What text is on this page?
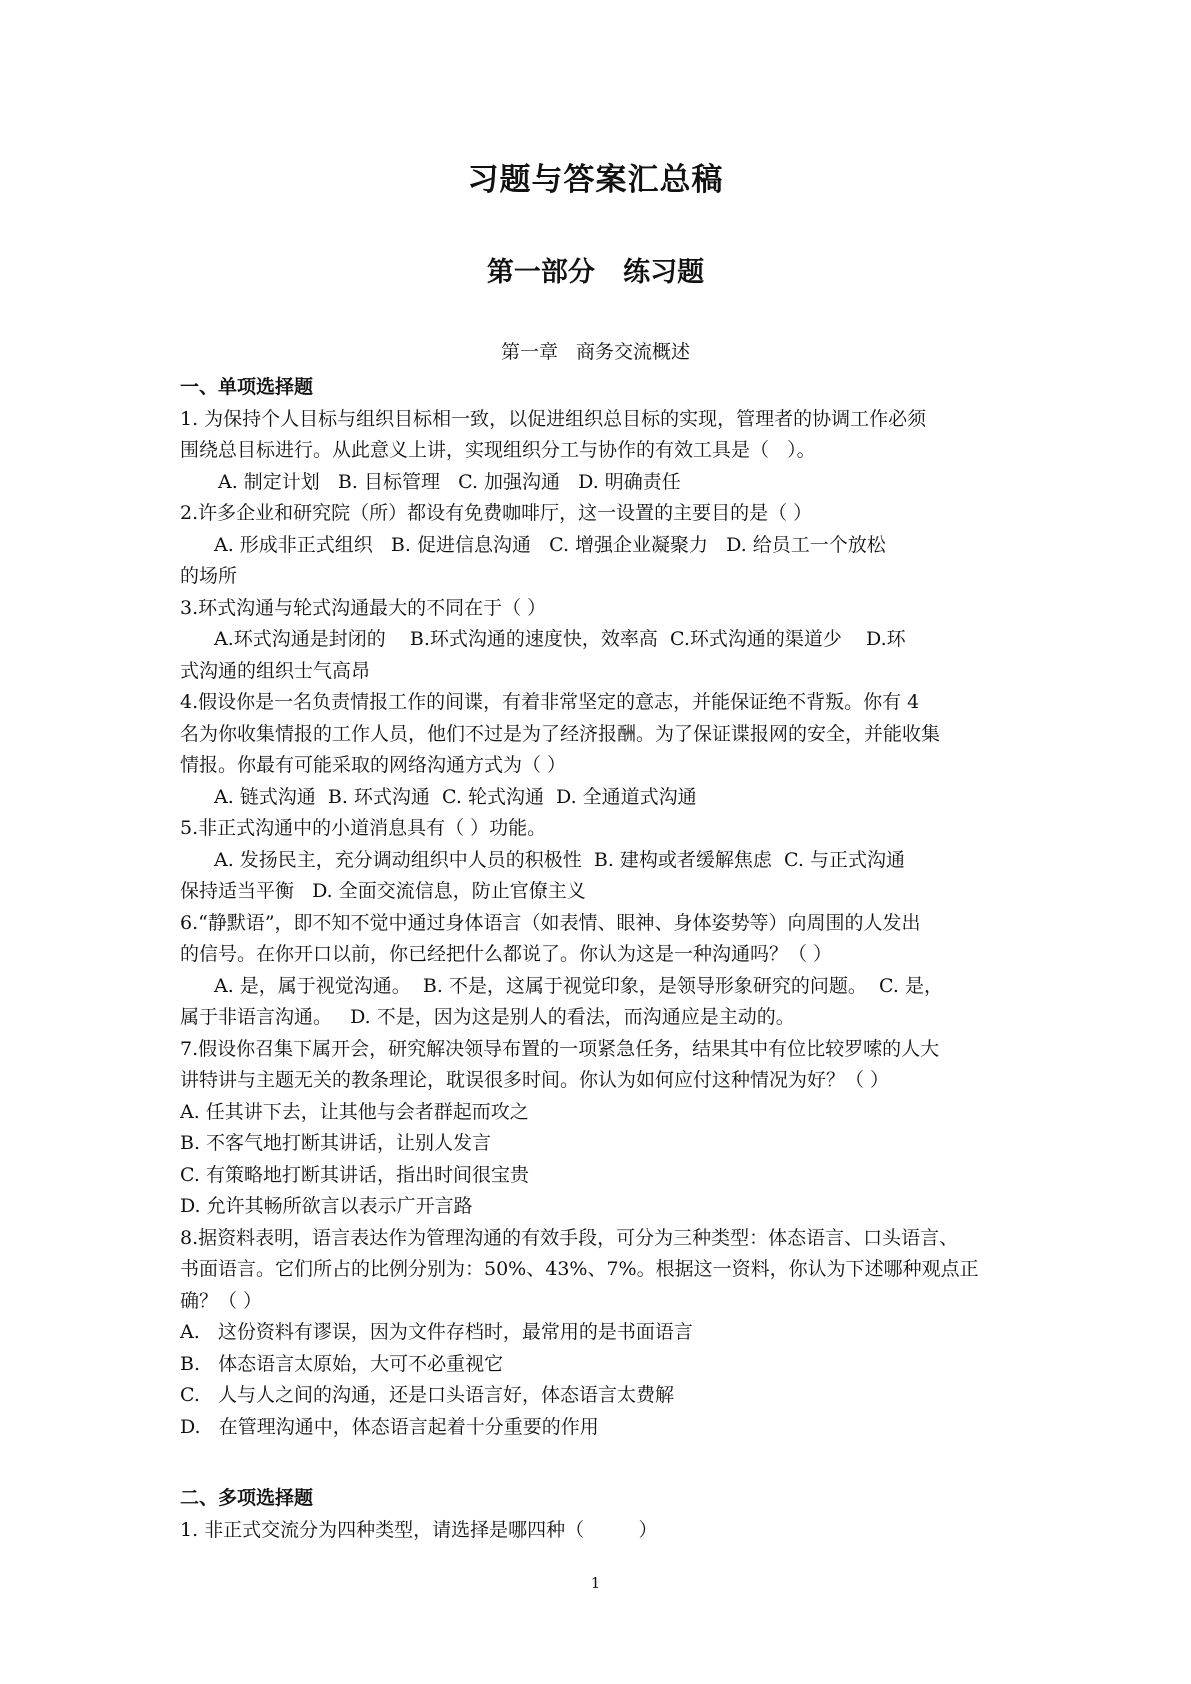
习题与答案汇总稿
第一部分   练习题
第一章   商务交流概述
一、单项选择题
1. 为保持个人目标与组织目标相一致，以促进组织总目标的实现，管理者的协调工作必须
围绕总目标进行。从此意义上讲，实现组织分工与协作的有效工具是（   ）。
A. 制定计划   B. 目标管理   C. 加强沟通   D. 明确责任
2.许多企业和研究院（所）都设有免费咖啡厅，这一设置的主要目的是（ ）
A. 形成非正式组织   B. 促进信息沟通   C. 增强企业凝聚力   D. 给员工一个放松
的场所
3.环式沟通与轮式沟通最大的不同在于（ ）
A.环式沟通是封闭的    B.环式沟通的速度快，效率高  C.环式沟通的渠道少    D.环
式沟通的组织士气高昂
4.假设你是一名负责情报工作的间谍，有着非常坚定的意志，并能保证绝不背叛。你有 4
名为你收集情报的工作人员，他们不过是为了经济报酬。为了保证谍报网的安全，并能收集
情报。你最有可能采取的网络沟通方式为（ ）
A. 链式沟通  B. 环式沟通  C. 轮式沟通  D. 全通道式沟通
5.非正式沟通中的小道消息具有（ ）功能。
A. 发扬民主，充分调动组织中人员的积极性  B. 建构或者缓解焦虑  C. 与正式沟通
保持适当平衡   D. 全面交流信息，防止官僚主义
6.“静默语”，即不知不觉中通过身体语言（如表情、眼神、身体姿势等）向周围的人发出
的信号。在你开口以前，你已经把什么都说了。你认为这是一种沟通吗？（ ）
A. 是，属于视觉沟通。  B. 不是，这属于视觉印象，是领导形象研究的问题。  C. 是，
属于非语言沟通。   D. 不是，因为这是别人的看法，而沟通应是主动的。
7.假设你召集下属开会，研究解决领导布置的一项紧急任务，结果其中有位比较罗嗦的人大
讲特讲与主题无关的教条理论，耽误很多时间。你认为如何应付这种情况为好？（ ）
A. 任其讲下去，让其他与会者群起而攻之
B. 不客气地打断其讲话，让别人发言
C. 有策略地打断其讲话，指出时间很宝贵
D. 允许其畅所欲言以表示广开言路
8.据资料表明，语言表达作为管理沟通的有效手段，可分为三种类型：体态语言、口头语言、
书面语言。它们所占的比例分别为：50%、43%、7%。根据这一资料，你认为下述哪种观点正
确？（ ）
A.   这份资料有谬误，因为文件存档时，最常用的是书面语言
B.   体态语言太原始，大可不必重视它
C.   人与人之间的沟通，还是口头语言好，体态语言太费解
D.   在管理沟通中，体态语言起着十分重要的作用
二、多项选择题
1. 非正式交流分为四种类型，请选择是哪四种（         ）
1
